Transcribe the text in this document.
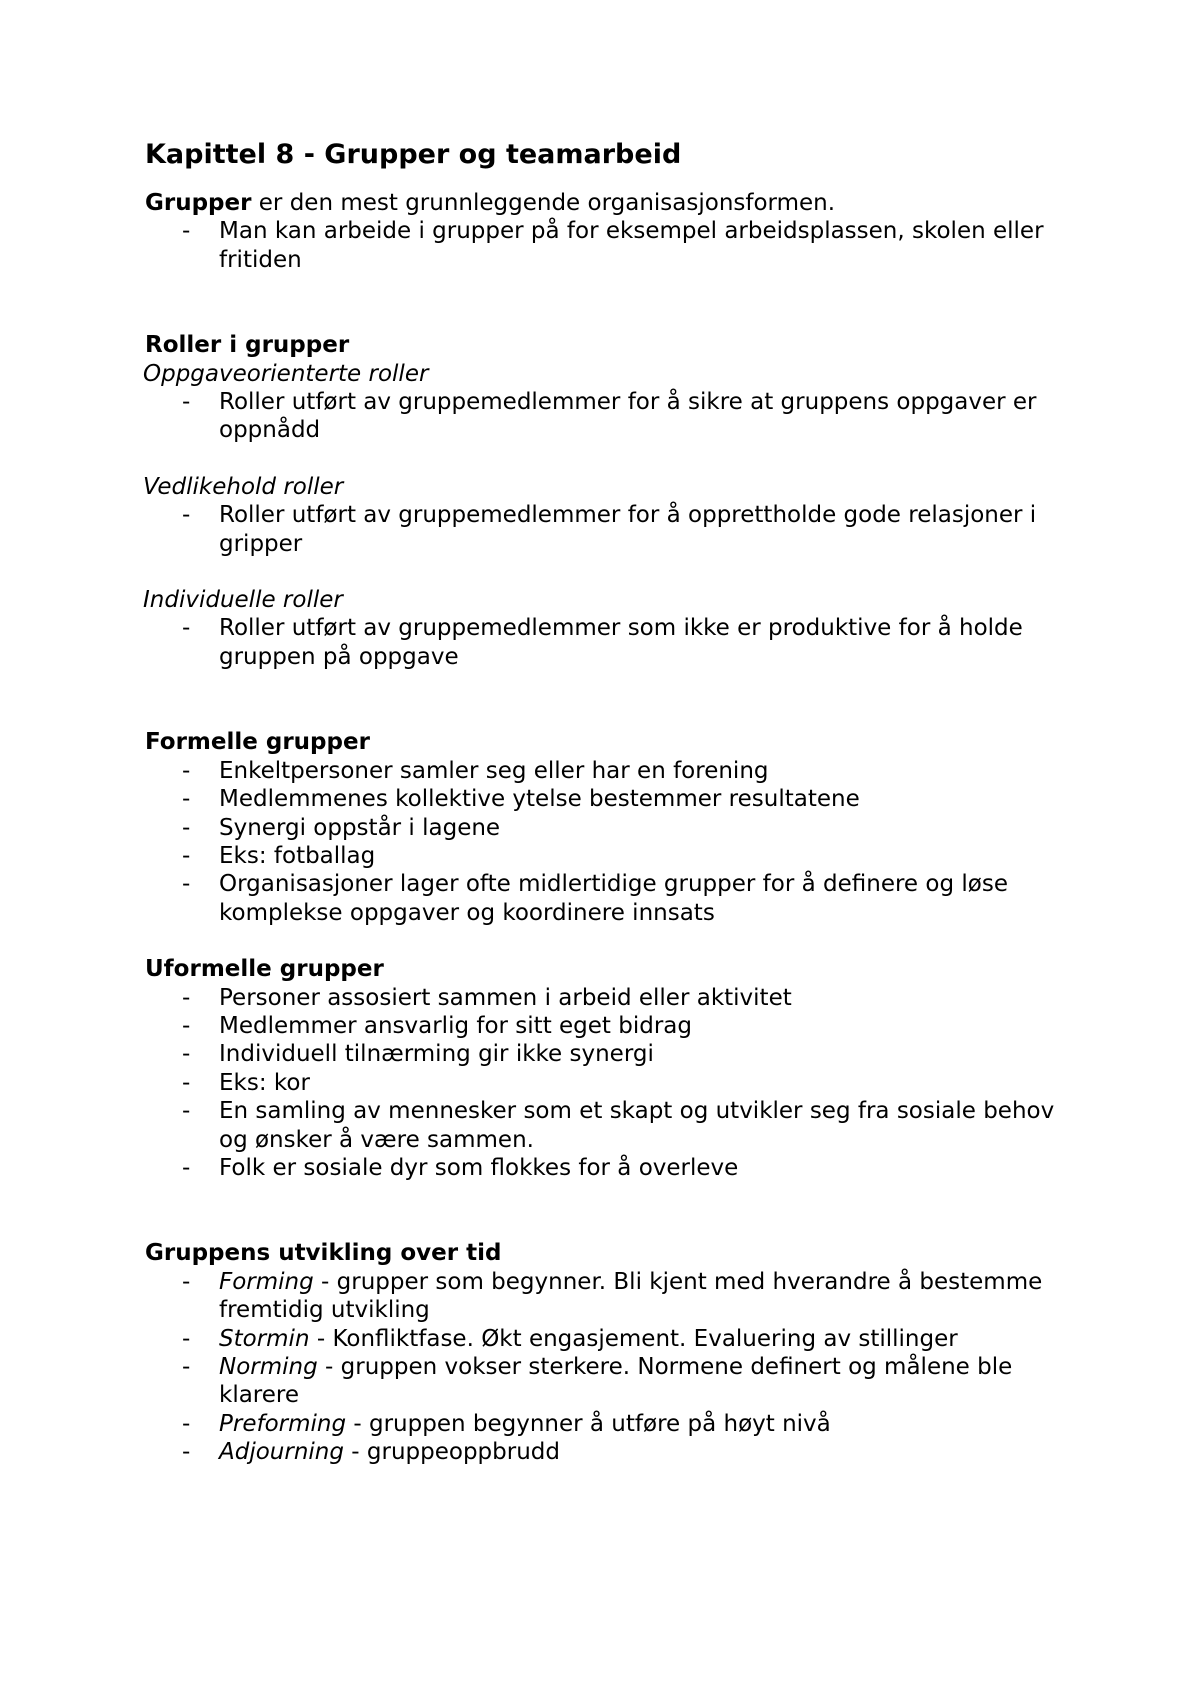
Kapittel 8 - Grupper og teamarbeid

Grupper er den mest grunnleggende organisasjonsformen.

- Man kan arbeide i grupper på for eksempel arbeidsplassen, skolen eller fritiden

Roller i grupper

Oppgaveorienterte roller

- Roller utført av gruppemedlemmer for å sikre at gruppens oppgaver er oppnådd

Vedlikehold roller

- Roller utført av gruppemedlemmer for å opprettholde gode relasjoner i gripper

Individuelle roller

- Roller utført av gruppemedlemmer som ikke er produktive for å holde gruppen på oppgave

Formelle grupper

- Enkeltpersoner samler seg eller har en forening
- Medlemmenes kollektive ytelse bestemmer resultatene
- Synergi oppstår i lagene
- Eks: fotballag
- Organisasjoner lager ofte midlertidige grupper for å definere og løse komplekse oppgaver og koordinere innsats

Uformelle grupper

- Personer assosiert sammen i arbeid eller aktivitet
- Medlemmer ansvarlig for sitt eget bidrag
- Individuell tilnærming gir ikke synergi
- Eks: kor
- En samling av mennesker som et skapt og utvikler seg fra sosiale behov og ønsker å være sammen.
- Folk er sosiale dyr som flokkes for å overleve

Gruppens utvikling over tid

- Forming - grupper som begynner. Bli kjent med hverandre å bestemme fremtidig utvikling
- Stormin - Konfliktfase. Økt engasjement. Evaluering av stillinger
- Norming - gruppen vokser sterkere. Normene definert og målene ble klarere
- Preforming - gruppen begynner å utføre på høyt nivå
- Adjourning - gruppeoppbrudd
